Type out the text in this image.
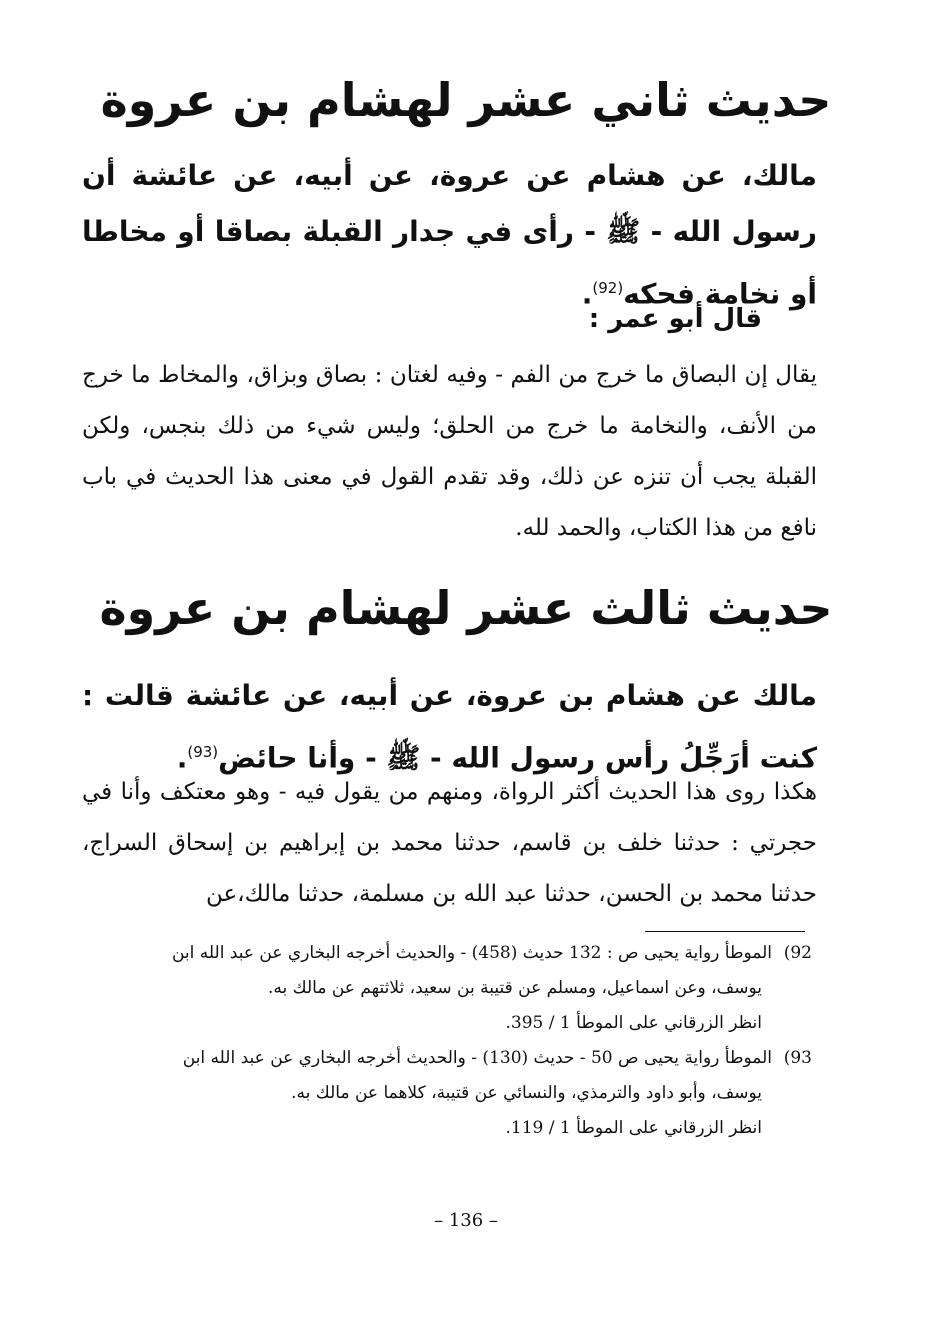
حديث ثاني عشر لهشام بن عروة
مالك، عن هشام عن عروة، عن أبيه، عن عائشة أن رسول الله - ﷺ - رأى في جدار القبلة بصاقا أو مخاطا أو نخامة فحكه$^{(92)}$.
قال أبو عمر :
يقال إن البصاق ما خرج من الفم - وفيه لغتان : بصاق وبزاق، والمخاط ما خرج من الأنف، والنخامة ما خرج من الحلق؛ وليس شيء من ذلك بنجس، ولكن القبلة يجب أن تنزه عن ذلك، وقد تقدم القول في معنى هذا الحديث في باب نافع من هذا الكتاب، والحمد لله.
حديث ثالث عشر لهشام بن عروة
مالك عن هشام بن عروة، عن أبيه، عن عائشة قالت : كنت أرَجِّلُ رأس رسول الله - ﷺ - وأنا حائض$^{(93)}$.
هكذا روى هذا الحديث أكثر الرواة، ومنهم من يقول فيه - وهو معتكف وأنا في حجرتي : حدثنا خلف بن قاسم، حدثنا محمد بن إبراهيم بن إسحاق السراج، حدثنا محمد بن الحسن، حدثنا عبد الله بن مسلمة، حدثنا مالك،عن
92)الموطأ رواية يحيى ص : 132 حديث (458) - والحديث أخرجه البخاري عن عبد الله ابن
يوسف، وعن اسماعيل، ومسلم عن قتيبة بن سعيد، ثلاثتهم عن مالك به.
انظر الزرقاني على الموطأ 1 / 395.
93)الموطأ رواية يحيى ص 50 - حديث (130) - والحديث أخرجه البخاري عن عبد الله ابن
يوسف، وأبو داود والترمذي، والنسائي عن قتيبة، كلاهما عن مالك به.
انظر الزرقاني على الموطأ 1 / 119.
– 136 –
